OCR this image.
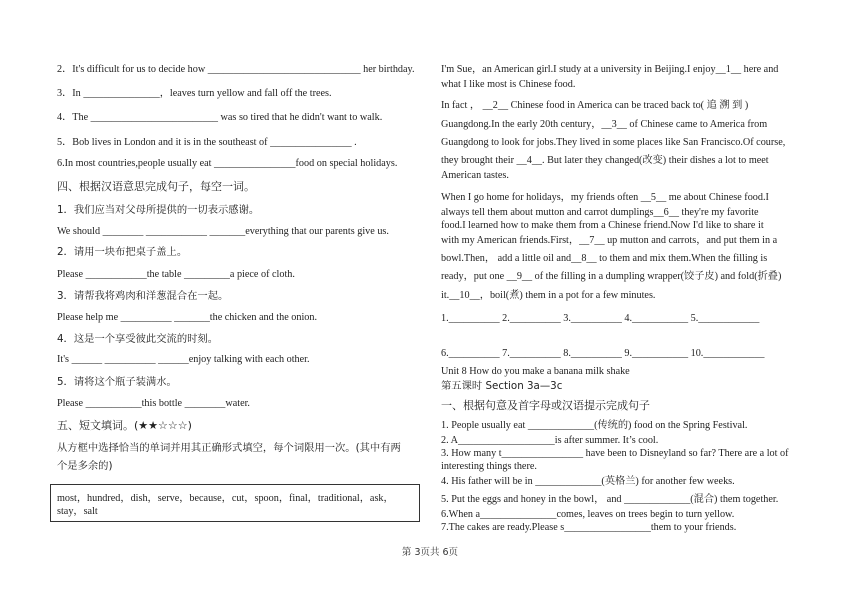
2．It's difficult for us to decide how ______________________________ her birthday.
3．In _______________，leaves turn yellow and fall off the trees.
4．The _________________________ was so tired that he didn't want to walk.
5．Bob lives in London and it is in the southeast of ________________ .
6.In most countries,people usually eat ________________food on special holidays.
四、根据汉语意思完成句子，每空一词。
1．我们应当对父母所提供的一切表示感谢。
We should ________ ____________ _______everything that our parents give us.
2．请用一块布把桌子盖上。
Please ____________the table _________a piece of cloth.
3．请帮我将鸡肉和洋葱混合在一起。
Please help me __________ _______the chicken and the onion.
4．这是一个享受彼此交流的时刻。
It's ______ __________ ______enjoy talking with each other.
5．请将这个瓶子装满水。
Please ___________this bottle ________water.
五、短文填词。(★★☆☆☆)
从方框中选择恰当的单词并用其正确形式填空，每个词限用一次。(其中有两
个是多余的)
most，hundred，dish，serve，because，cut，spoon，final，traditional，ask，stay，salt
I'm Sue，an American girl.I study at a university in Beijing.I enjoy__1__ here and
what I like most is Chinese food.
In fact ， __2__ Chinese food in America can be traced back to( 追 溯 到 )
Guangdong.In the early 20th century，__3__ of Chinese came to America from
Guangdong to look for jobs.They lived in some places like San Francisco.Of course,
they brought their __4__. But later they changed(改变) their dishes a lot to meet
American tastes.
When I go home for holidays，my friends often __5__ me about Chinese food.I
always tell them about mutton and carrot dumplings__6__ they're my favorite
food.I learned how to make them from a Chinese friend.Now I'd like to share it
with my American friends.First，__7__ up mutton and carrots，and put them in a
bowl.Then， add a little oil and__8__ to them and mix them.When the filling is
ready，put one __9__ of the filling in a dumpling wrapper(饺子皮) and fold(折叠)
it.__10__，boil(煮) them in a pot for a few minutes.
1.__________ 2.__________ 3.__________ 4.___________ 5.____________
6.__________ 7.__________ 8.__________ 9.___________ 10.____________
Unit 8 How do you make a banana milk shake
第五课时 Section 3a—3c
一、根据句意及首字母或汉语提示完成句子
1. People usually eat _____________(传统的) food on the Spring Festival.
2. A___________________is after summer. It’s cool.
3. How many t________________ have been to Disneyland so far? There are a lot of
interesting things there.
4. His father will be in _____________(英格兰) for another few weeks.
5. Put the eggs and honey in the bowl， and _____________(混合) them together.
6.When a_______________comes, leaves on trees begin to turn yellow.
7.The cakes are ready.Please s_________________them to your friends.
第 3页共 6页
